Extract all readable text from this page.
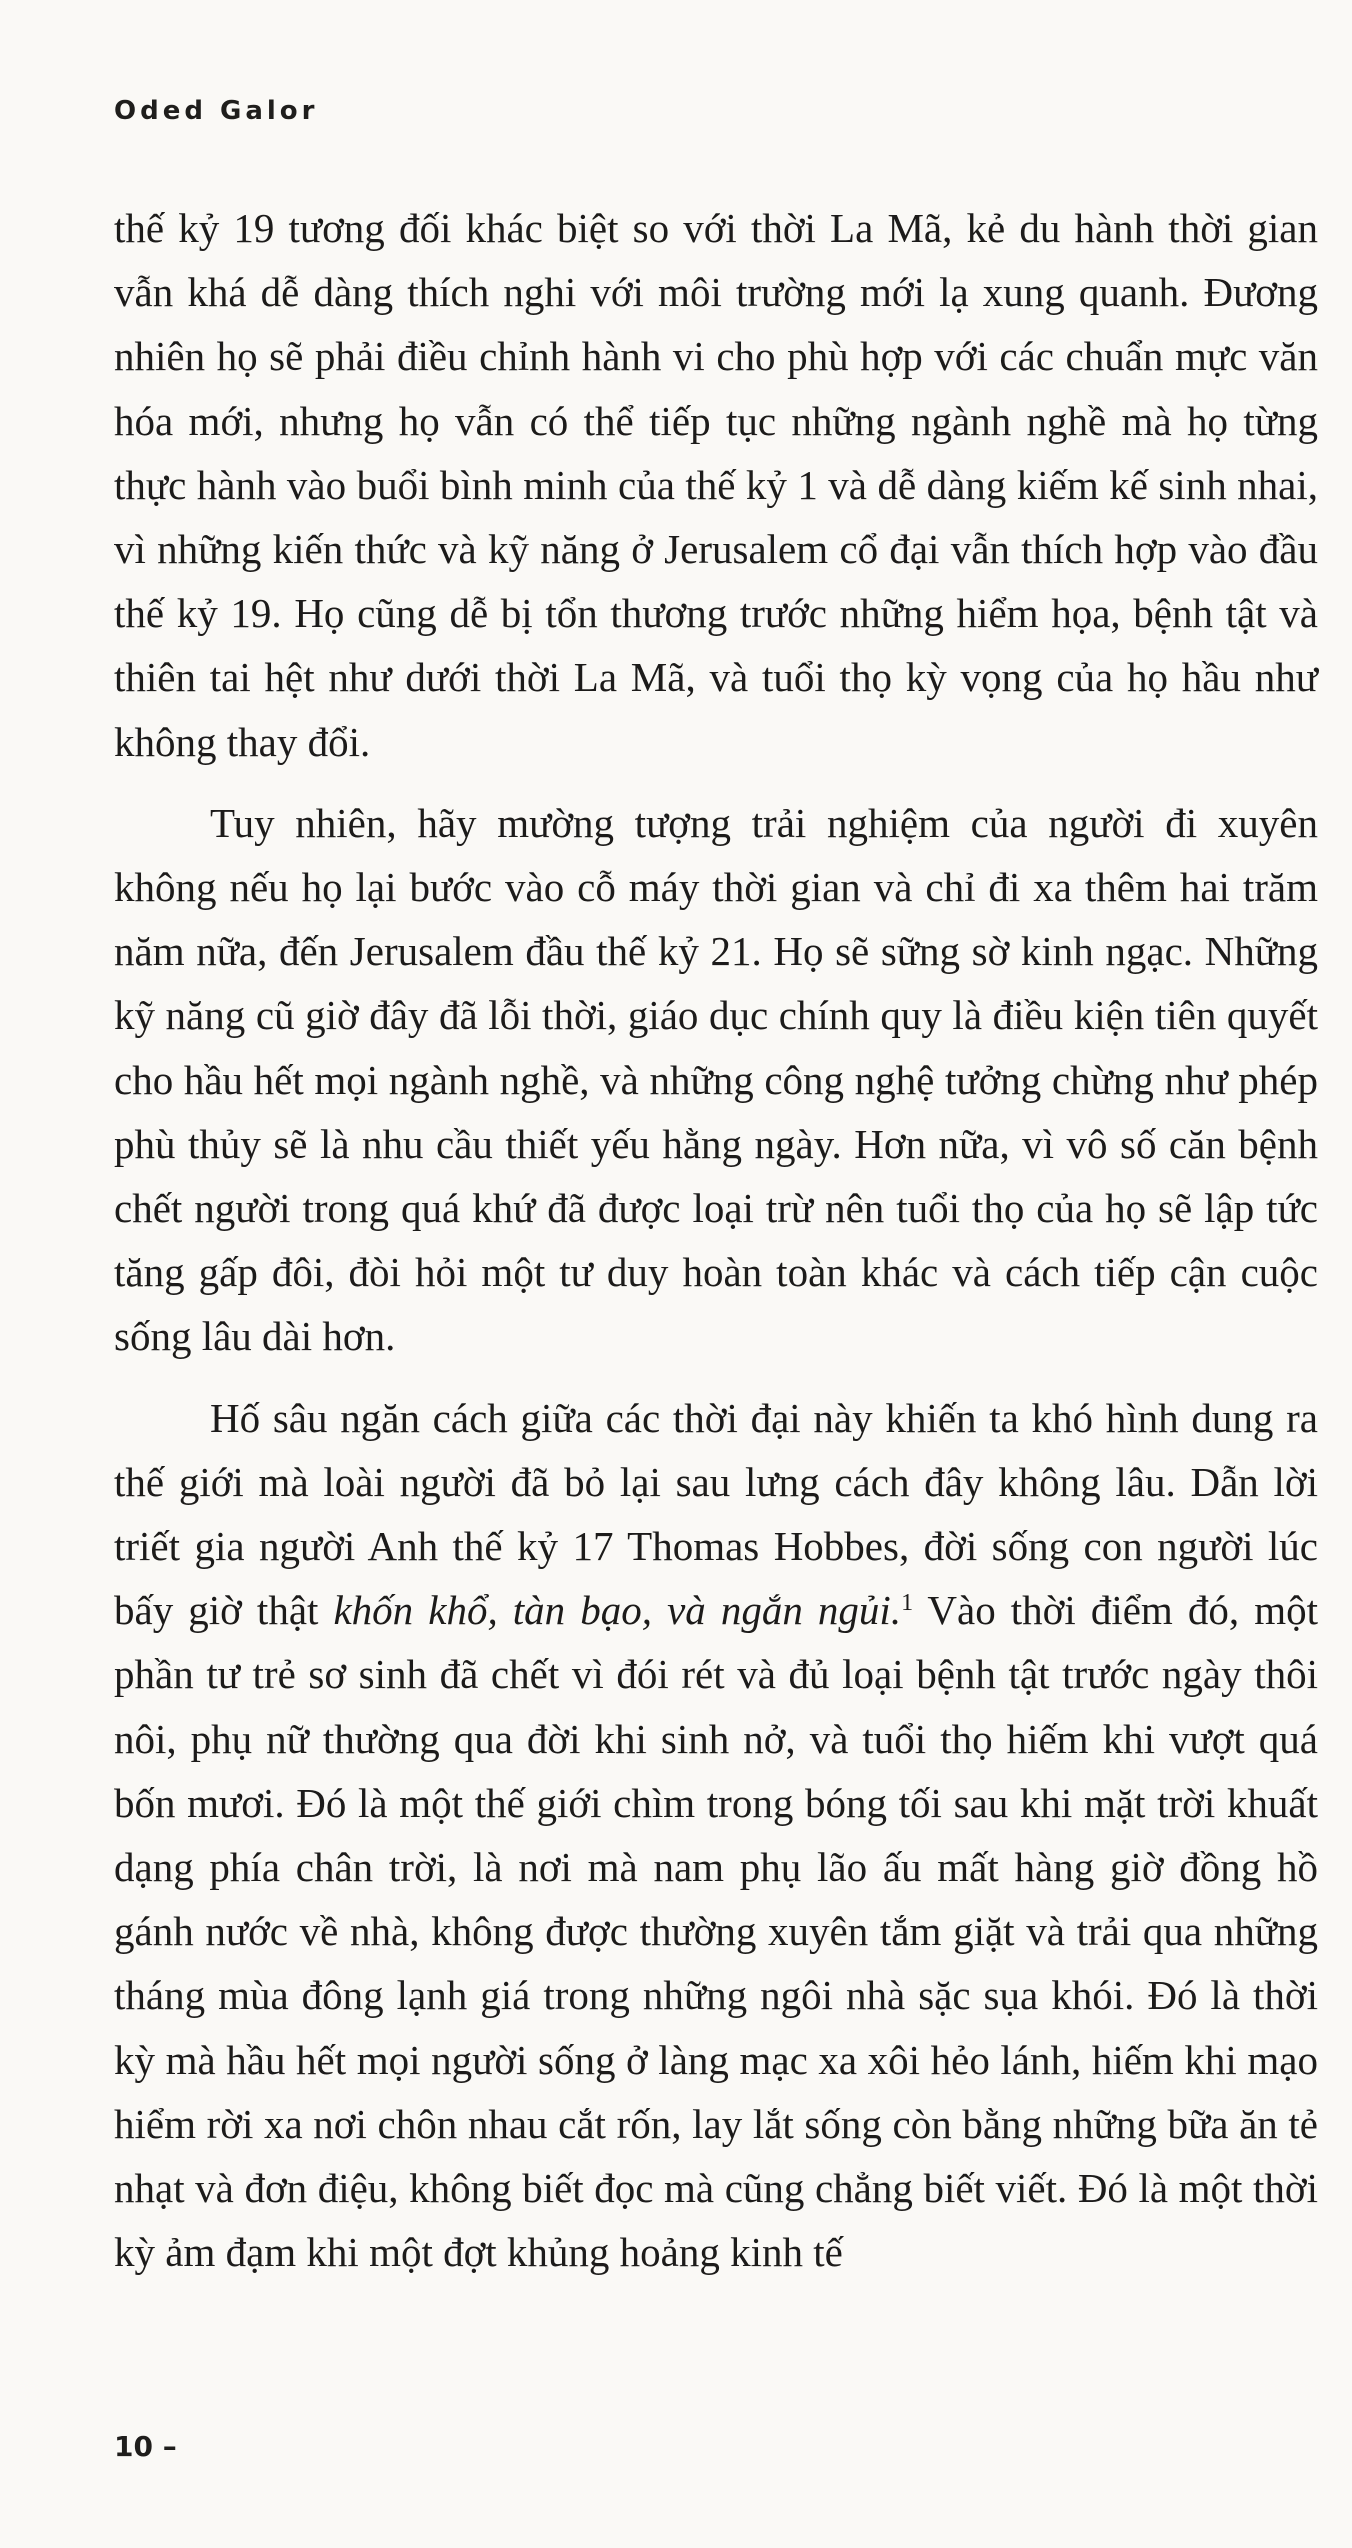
Oded Galor

thế kỷ 19 tương đối khác biệt so với thời La Mã, kẻ du hành thời gian vẫn khá dễ dàng thích nghi với môi trường mới lạ xung quanh. Đương nhiên họ sẽ phải điều chỉnh hành vi cho phù hợp với các chuẩn mực văn hóa mới, nhưng họ vẫn có thể tiếp tục những ngành nghề mà họ từng thực hành vào buổi bình minh của thế kỷ 1 và dễ dàng kiếm kế sinh nhai, vì những kiến thức và kỹ năng ở Jerusalem cổ đại vẫn thích hợp vào đầu thế kỷ 19. Họ cũng dễ bị tổn thương trước những hiểm họa, bệnh tật và thiên tai hệt như dưới thời La Mã, và tuổi thọ kỳ vọng của họ hầu như không thay đổi.

Tuy nhiên, hãy mường tượng trải nghiệm của người đi xuyên không nếu họ lại bước vào cỗ máy thời gian và chỉ đi xa thêm hai trăm năm nữa, đến Jerusalem đầu thế kỷ 21. Họ sẽ sững sờ kinh ngạc. Những kỹ năng cũ giờ đây đã lỗi thời, giáo dục chính quy là điều kiện tiên quyết cho hầu hết mọi ngành nghề, và những công nghệ tưởng chừng như phép phù thủy sẽ là nhu cầu thiết yếu hằng ngày. Hơn nữa, vì vô số căn bệnh chết người trong quá khứ đã được loại trừ nên tuổi thọ của họ sẽ lập tức tăng gấp đôi, đòi hỏi một tư duy hoàn toàn khác và cách tiếp cận cuộc sống lâu dài hơn.

Hố sâu ngăn cách giữa các thời đại này khiến ta khó hình dung ra thế giới mà loài người đã bỏ lại sau lưng cách đây không lâu. Dẫn lời triết gia người Anh thế kỷ 17 Thomas Hobbes, đời sống con người lúc bấy giờ thật khốn khổ, tàn bạo, và ngắn ngủi.$^1$ Vào thời điểm đó, một phần tư trẻ sơ sinh đã chết vì đói rét và đủ loại bệnh tật trước ngày thôi nôi, phụ nữ thường qua đời khi sinh nở, và tuổi thọ hiếm khi vượt quá bốn mươi. Đó là một thế giới chìm trong bóng tối sau khi mặt trời khuất dạng phía chân trời, là nơi mà nam phụ lão ấu mất hàng giờ đồng hồ gánh nước về nhà, không được thường xuyên tắm giặt và trải qua những tháng mùa đông lạnh giá trong những ngôi nhà sặc sụa khói. Đó là thời kỳ mà hầu hết mọi người sống ở làng mạc xa xôi hẻo lánh, hiếm khi mạo hiểm rời xa nơi chôn nhau cắt rốn, lay lắt sống còn bằng những bữa ăn tẻ nhạt và đơn điệu, không biết đọc mà cũng chẳng biết viết. Đó là một thời kỳ ảm đạm khi một đợt khủng hoảng kinh tế

10 –
